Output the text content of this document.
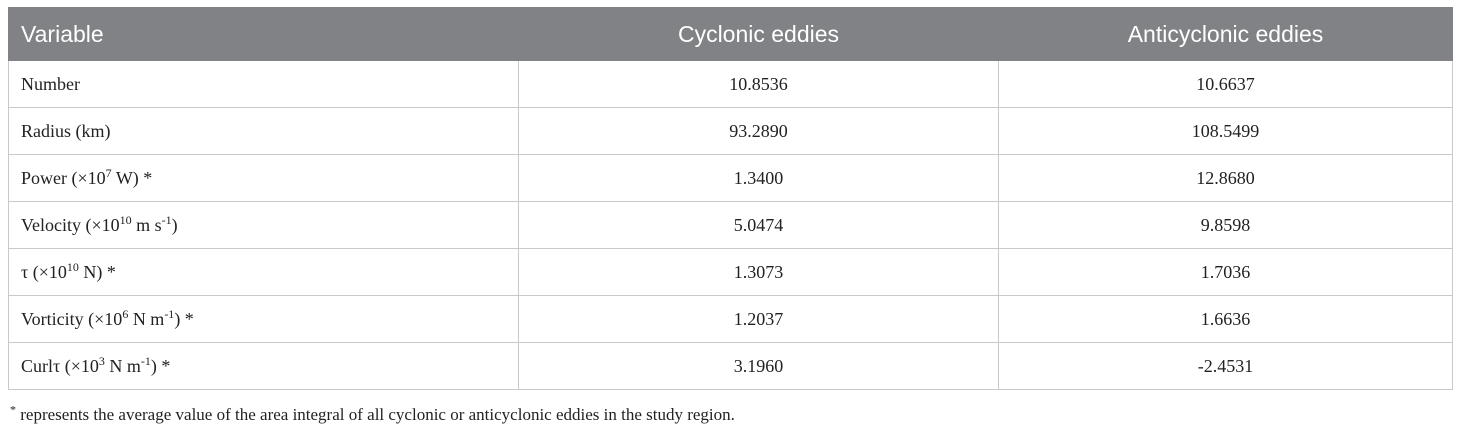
Variable	Cyclonic eddies	Anticyclonic eddies
Number	10.8536	10.6637
Radius (km)	93.2890	108.5499
Power ($\times 10^7$ W) *	1.3400	12.8680
Velocity ($\times 10^{10}$ m $s^{-1}$)	5.0474	9.8598
τ ($\times 10^{10}$ N) *	1.3073	1.7036
Vorticity ($\times 10^6$ N $m^{-1}$) *	1.2037	1.6636
Curlτ ($\times 10^3$ N $m^{-1}$) *	3.1960	-2.4531
* represents the average value of the area integral of all cyclonic or anticyclonic eddies in the study region.
